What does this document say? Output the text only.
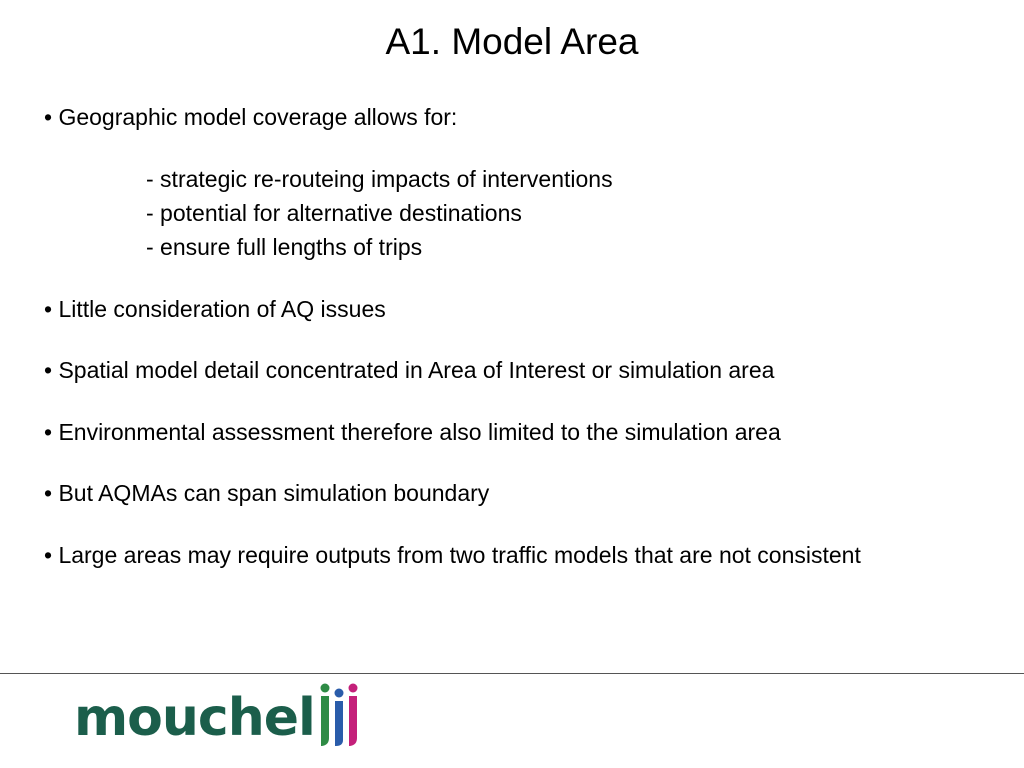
A1. Model Area
• Geographic model coverage allows for:
- strategic re-routeing impacts of interventions
- potential for alternative destinations
- ensure full lengths of trips
• Little consideration of AQ issues
• Spatial model detail concentrated in Area of Interest or simulation area
• Environmental assessment therefore also limited to the simulation area
• But AQMAs can span simulation boundary
• Large areas may require outputs from two traffic models that are not consistent
mouchel
